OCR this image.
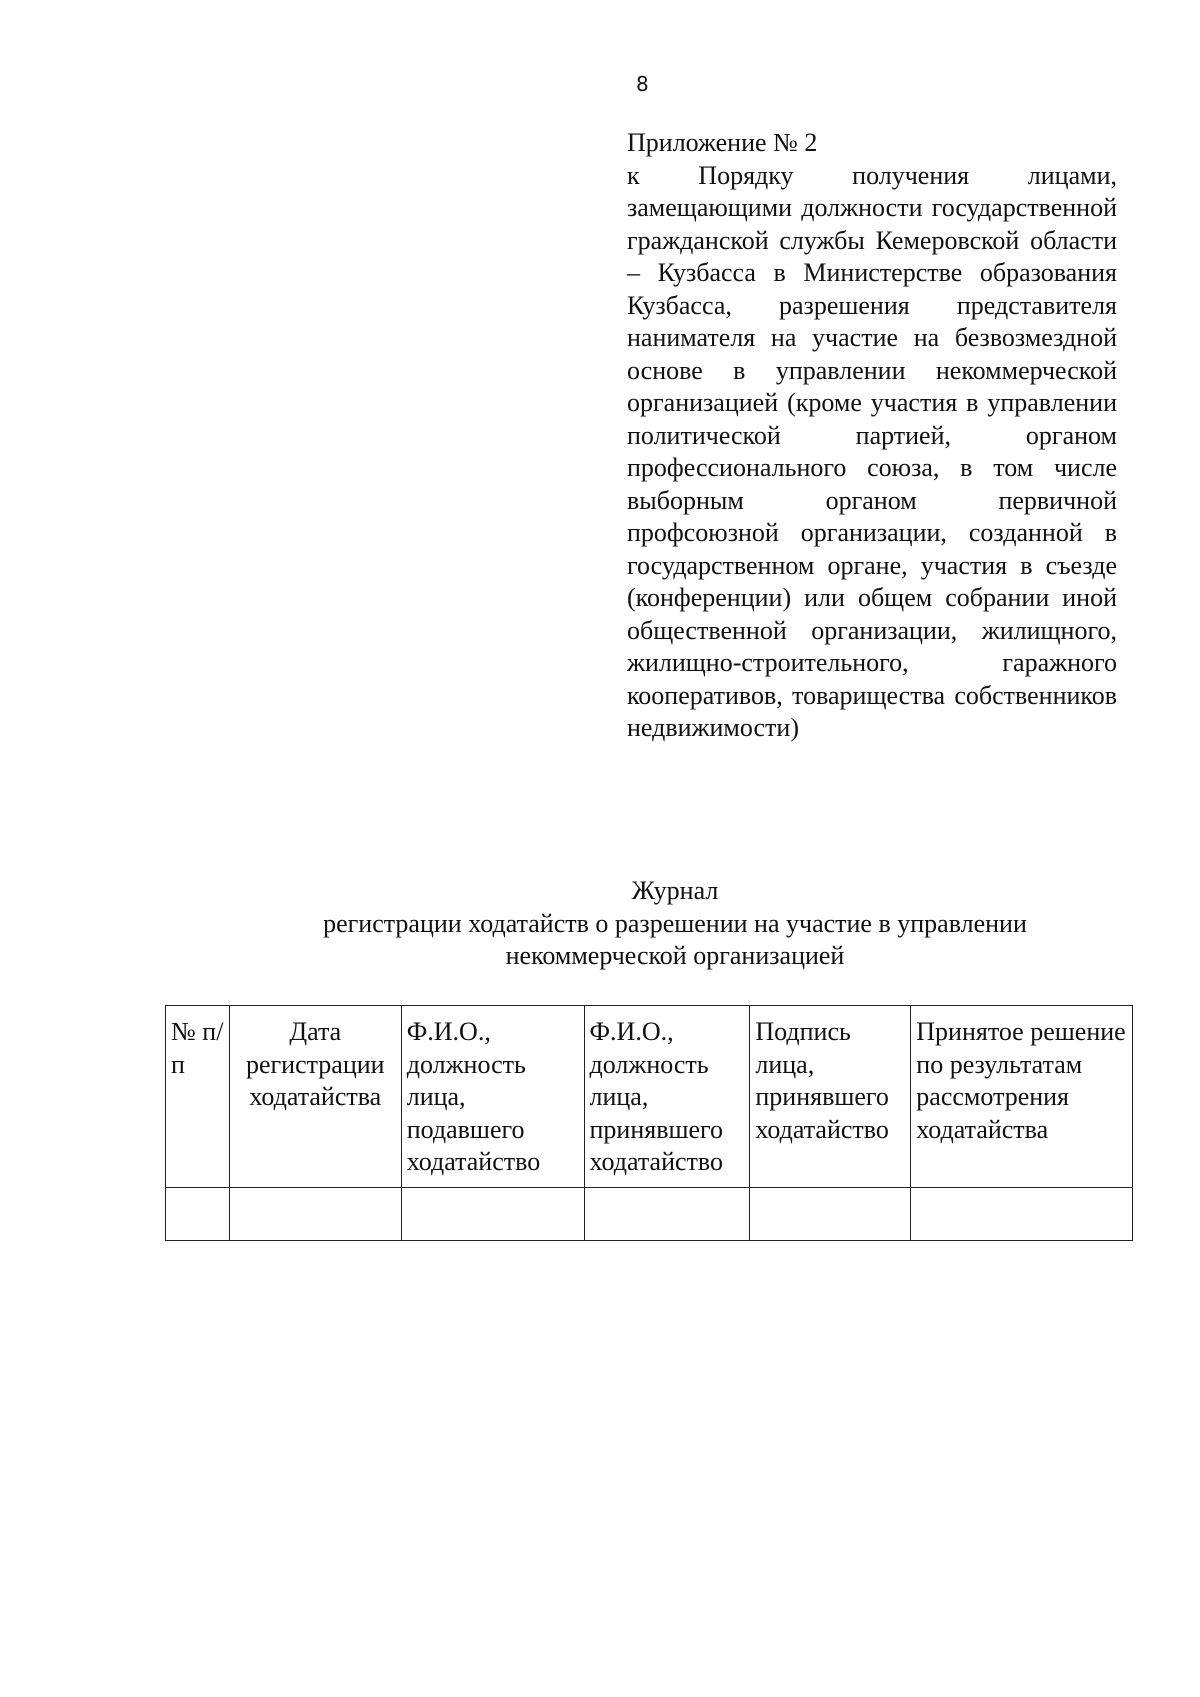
8
Приложение № 2
к Порядку получения лицами, замещающими должности государственной гражданской службы Кемеровской области – Кузбасса в Министерстве образования Кузбасса, разрешения представителя нанимателя на участие на безвозмездной основе в управлении некоммерческой организацией (кроме участия в управлении политической партией, органом профессионального союза, в том числе выборным органом первичной профсоюзной организации, созданной в государственном органе, участия в съезде (конференции) или общем собрании иной общественной организации, жилищного, жилищно-строительного, гаражного кооперативов, товарищества собственников недвижимости)
Журнал
регистрации ходатайств о разрешении на участие в управлении
некоммерческой организацией
№ п/п	Дата регистрации ходатайства	Ф.И.О., должность лица, подавшего ходатайство	Ф.И.О., должность лица, принявшего ходатайство	Подпись лица, принявшего ходатайство	Принятое решение по результатам рассмотрения ходатайства
